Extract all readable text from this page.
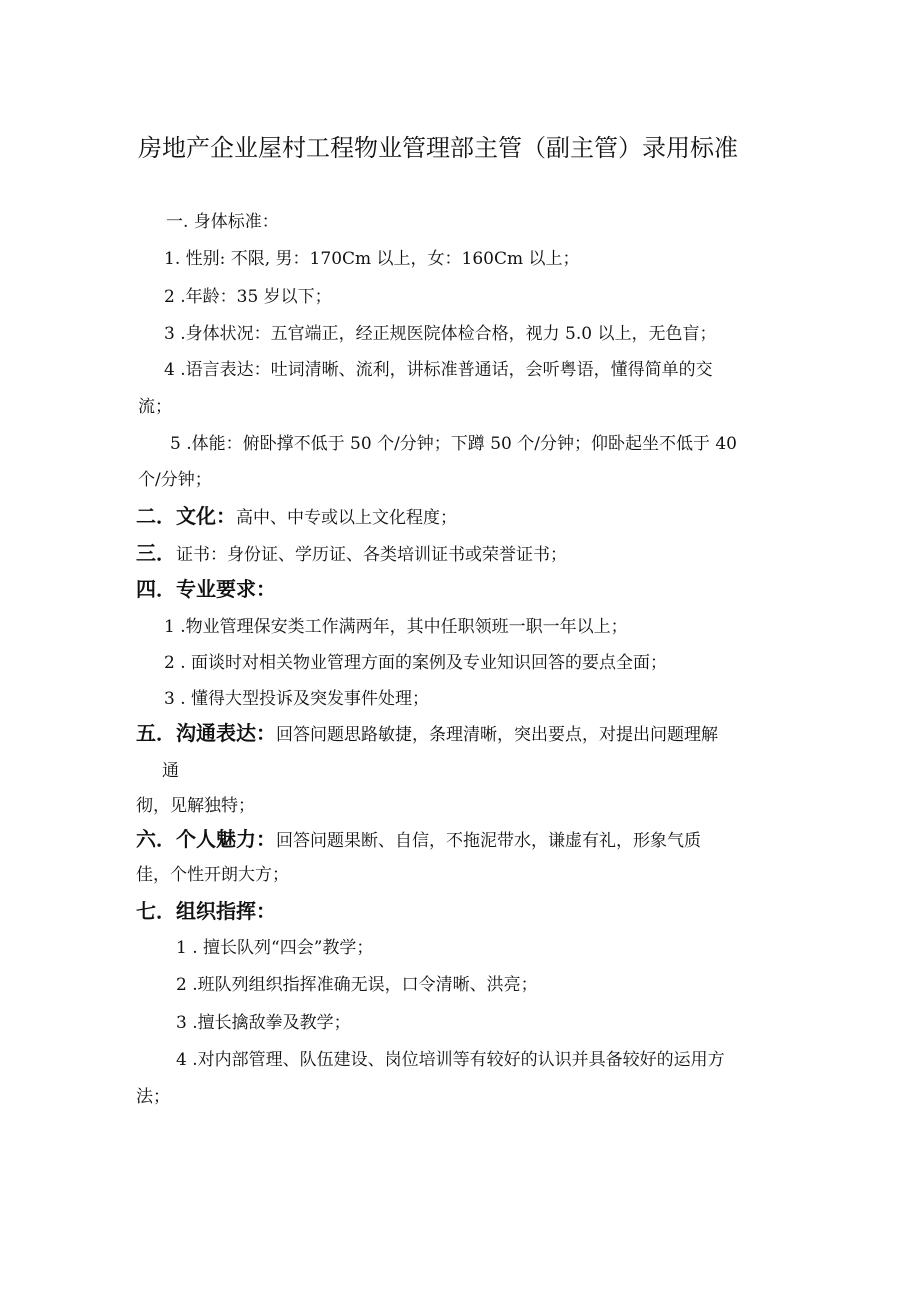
房地产企业屋村工程物业管理部主管（副主管）录用标准
一. 身体标准：
1. 性别: 不限, 男：170Cm 以上，女：160Cm 以上；
2 .年龄：35 岁以下；
3 .身体状况：五官端正，经正规医院体检合格，视力 5.0 以上，无色盲；
4 .语言表达：吐词清晰、流利，讲标准普通话，会听粤语，懂得简单的交
流；
5 .体能：俯卧撑不低于 50 个/分钟；下蹲 50 个/分钟；仰卧起坐不低于 40
个/分钟；
二．文化：高中、中专或以上文化程度；
三．证书：身份证、学历证、各类培训证书或荣誉证书；
四．专业要求：
1 .物业管理保安类工作满两年，其中任职领班一职一年以上；
2 . 面谈时对相关物业管理方面的案例及专业知识回答的要点全面；
3 . 懂得大型投诉及突发事件处理；
五．沟通表达：回答问题思路敏捷，条理清晰，突出要点，对提出问题理解
通
彻，见解独特；
六．个人魅力：回答问题果断、自信，不拖泥带水，谦虚有礼，形象气质
佳，个性开朗大方；
七．组织指挥：
1 . 擅长队列“四会”教学；
2 .班队列组织指挥准确无误，口令清晰、洪亮；
3 .擅长擒敌拳及教学；
4 .对内部管理、队伍建设、岗位培训等有较好的认识并具备较好的运用方
法；
